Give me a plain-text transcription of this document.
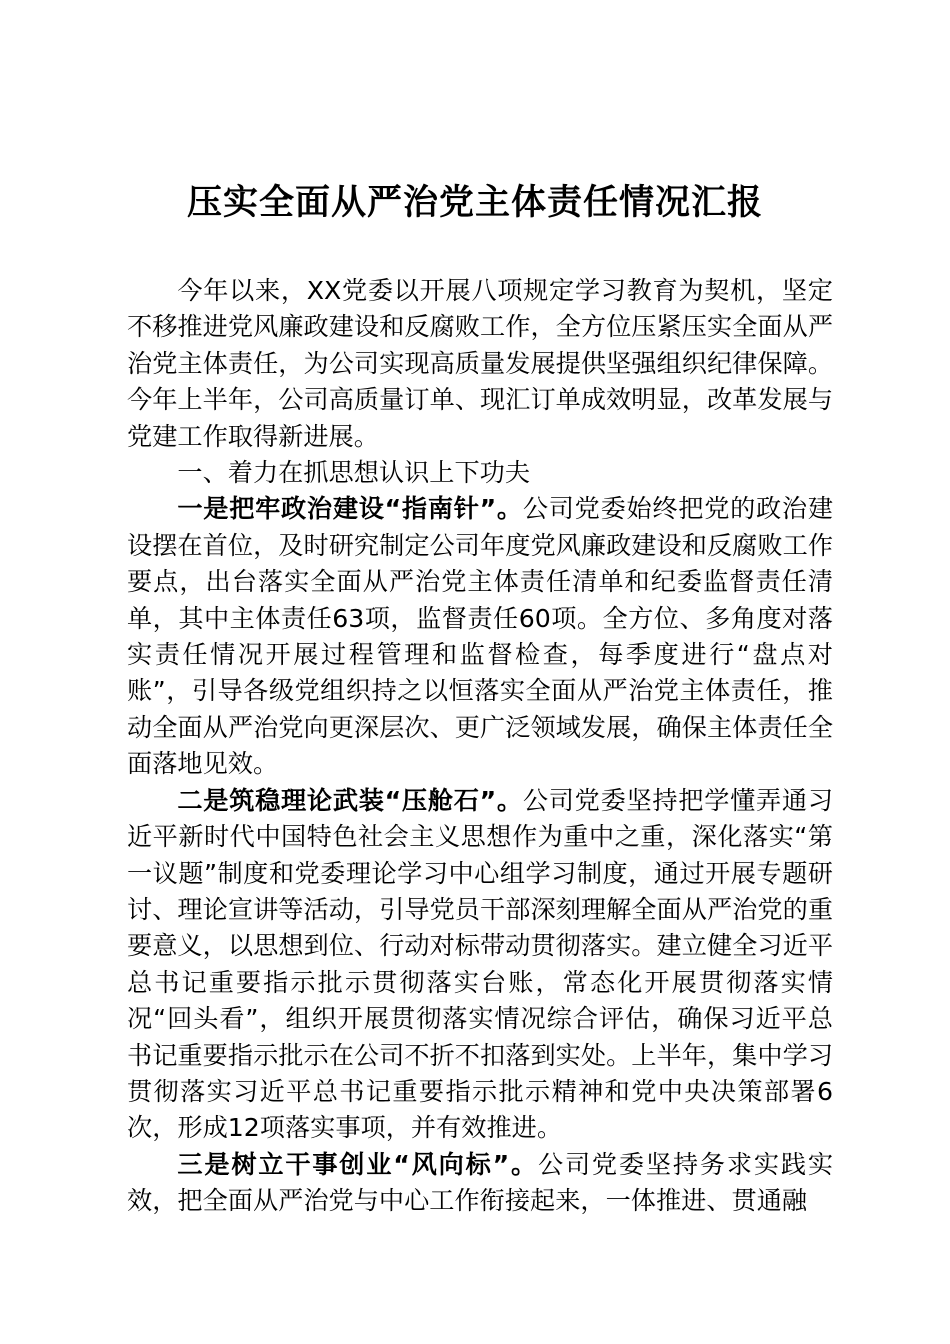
压实全面从严治党主体责任情况汇报

今年以来，XX党委以开展八项规定学习教育为契机，坚定不移推进党风廉政建设和反腐败工作，全方位压紧压实全面从严治党主体责任，为公司实现高质量发展提供坚强组织纪律保障。今年上半年，公司高质量订单、现汇订单成效明显，改革发展与党建工作取得新进展。

一、着力在抓思想认识上下功夫

一是把牢政治建设“指南针”。公司党委始终把党的政治建设摆在首位，及时研究制定公司年度党风廉政建设和反腐败工作要点，出台落实全面从严治党主体责任清单和纪委监督责任清单，其中主体责任63项，监督责任60项。全方位、多角度对落实责任情况开展过程管理和监督检查，每季度进行“盘点对账”，引导各级党组织持之以恒落实全面从严治党主体责任，推动全面从严治党向更深层次、更广泛领域发展，确保主体责任全面落地见效。

二是筑稳理论武装“压舱石”。公司党委坚持把学懂弄通习近平新时代中国特色社会主义思想作为重中之重，深化落实“第一议题”制度和党委理论学习中心组学习制度，通过开展专题研讨、理论宣讲等活动，引导党员干部深刻理解全面从严治党的重要意义，以思想到位、行动对标带动贯彻落实。建立健全习近平总书记重要指示批示贯彻落实台账，常态化开展贯彻落实情况“回头看”，组织开展贯彻落实情况综合评估，确保习近平总书记重要指示批示在公司不折不扣落到实处。上半年，集中学习贯彻落实习近平总书记重要指示批示精神和党中央决策部署6次，形成12项落实事项，并有效推进。

三是树立干事创业“风向标”。公司党委坚持务求实践实效，把全面从严治党与中心工作衔接起来，一体推进、贯通融
